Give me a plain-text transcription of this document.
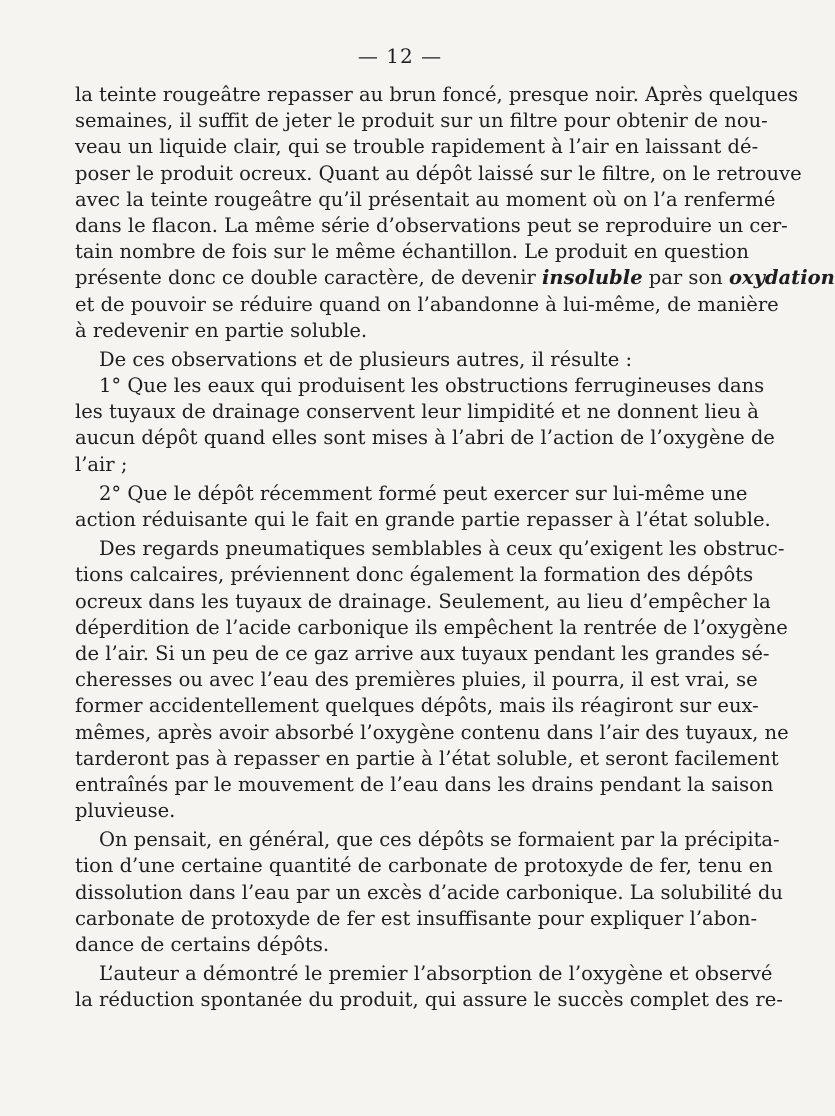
— 12 —
la teinte rougeâtre repasser au brun foncé, presque noir. Après quelques
semaines, il suffit de jeter le produit sur un filtre pour obtenir de nou-
veau un liquide clair, qui se trouble rapidement à l’air en laissant dé-
poser le produit ocreux. Quant au dépôt laissé sur le filtre, on le retrouve
avec la teinte rougeâtre qu’il présentait au moment où on l’a renfermé
dans le flacon. La même série d’observations peut se reproduire un cer-
tain nombre de fois sur le même échantillon. Le produit en question
présente donc ce double caractère, de devenir insoluble par son oxydation
et de pouvoir se réduire quand on l’abandonne à lui-même, de manière
à redevenir en partie soluble.
De ces observations et de plusieurs autres, il résulte :
1° Que les eaux qui produisent les obstructions ferrugineuses dans
les tuyaux de drainage conservent leur limpidité et ne donnent lieu à
aucun dépôt quand elles sont mises à l’abri de l’action de l’oxygène de
l’air ;
2° Que le dépôt récemment formé peut exercer sur lui-même une
action réduisante qui le fait en grande partie repasser à l’état soluble.
Des regards pneumatiques semblables à ceux qu’exigent les obstruc-
tions calcaires, préviennent donc également la formation des dépôts
ocreux dans les tuyaux de drainage. Seulement, au lieu d’empêcher la
déperdition de l’acide carbonique ils empêchent la rentrée de l’oxygène
de l’air. Si un peu de ce gaz arrive aux tuyaux pendant les grandes sé-
cheresses ou avec l’eau des premières pluies, il pourra, il est vrai, se
former accidentellement quelques dépôts, mais ils réagiront sur eux-
mêmes, après avoir absorbé l’oxygène contenu dans l’air des tuyaux, ne
tarderont pas à repasser en partie à l’état soluble, et seront facilement
entraînés par le mouvement de l’eau dans les drains pendant la saison
pluvieuse.
On pensait, en général, que ces dépôts se formaient par la précipita-
tion d’une certaine quantité de carbonate de protoxyde de fer, tenu en
dissolution dans l’eau par un excès d’acide carbonique. La solubilité du
carbonate de protoxyde de fer est insuffisante pour expliquer l’abon-
dance de certains dépôts.
L’auteur a démontré le premier l’absorption de l’oxygène et observé
la réduction spontanée du produit, qui assure le succès complet des re-
